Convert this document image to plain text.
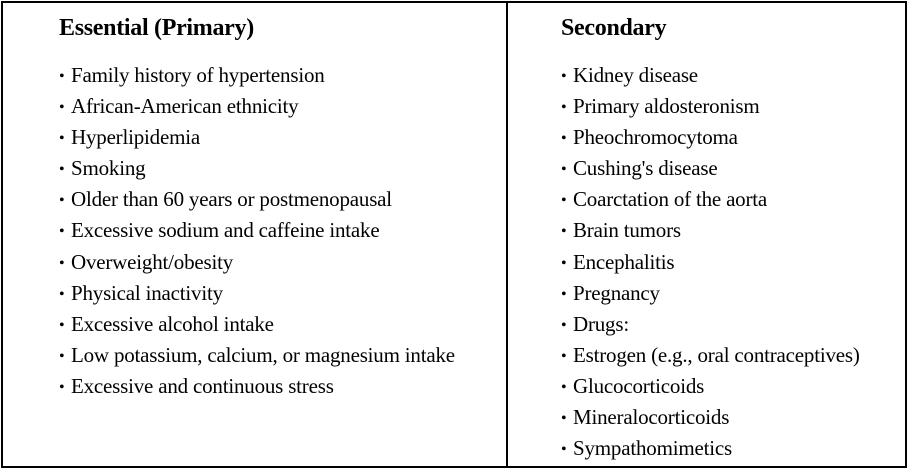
Essential (Primary)
• Family history of hypertension
• African-American ethnicity
• Hyperlipidemia
• Smoking
• Older than 60 years or postmenopausal
• Excessive sodium and caffeine intake
• Overweight/obesity
• Physical inactivity
• Excessive alcohol intake
• Low potassium, calcium, or magnesium intake
• Excessive and continuous stress
Secondary
• Kidney disease
• Primary aldosteronism
• Pheochromocytoma
• Cushing's disease
• Coarctation of the aorta
• Brain tumors
• Encephalitis
• Pregnancy
• Drugs:
• Estrogen (e.g., oral contraceptives)
• Glucocorticoids
• Mineralocorticoids
• Sympathomimetics
